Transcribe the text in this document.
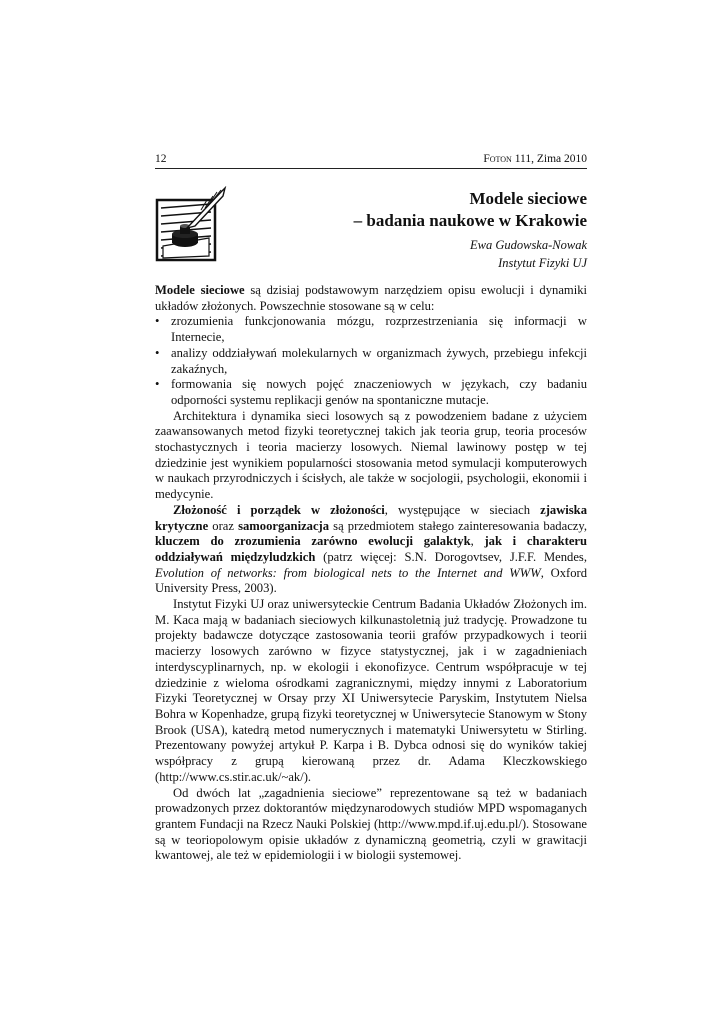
12	Foton 111, Zima 2010
Modele sieciowe
– badania naukowe w Krakowie
Ewa Gudowska-Nowak
Instytut Fizyki UJ

Modele sieciowe są dzisiaj podstawowym narzędziem opisu ewolucji i dynamiki układów złożonych. Powszechnie stosowane są w celu:

• zrozumienia funkcjonowania mózgu, rozprzestrzeniania się informacji w Internecie,
• analizy oddziaływań molekularnych w organizmach żywych, przebiegu infekcji zakaźnych,
• formowania się nowych pojęć znaczeniowych w językach, czy badaniu odporności systemu replikacji genów na spontaniczne mutacje.

Architektura i dynamika sieci losowych są z powodzeniem badane z użyciem zaawansowanych metod fizyki teoretycznej takich jak teoria grup, teoria procesów stochastycznych i teoria macierzy losowych. Niemal lawinowy postęp w tej dziedzinie jest wynikiem popularności stosowania metod symulacji komputerowych w naukach przyrodniczych i ścisłych, ale także w socjologii, psychologii, ekonomii i medycynie.

Złożoność i porządek w złożoności, występujące w sieciach zjawiska krytyczne oraz samoorganizacja są przedmiotem stałego zainteresowania badaczy, kluczem do zrozumienia zarówno ewolucji galaktyk, jak i charakteru oddziaływań międzyludzkich (patrz więcej: S.N. Dorogovtsev, J.F.F. Mendes, Evolution of networks: from biological nets to the Internet and WWW, Oxford University Press, 2003).

Instytut Fizyki UJ oraz uniwersyteckie Centrum Badania Układów Złożonych im. M. Kaca mają w badaniach sieciowych kilkunastoletnią już tradycję. Prowadzone tu projekty badawcze dotyczące zastosowania teorii grafów przypadkowych i teorii macierzy losowych zarówno w fizyce statystycznej, jak i w zagadnieniach interdyscyplinarnych, np. w ekologii i ekonofizyce. Centrum współpracuje w tej dziedzinie z wieloma ośrodkami zagranicznymi, między innymi z Laboratorium Fizyki Teoretycznej w Orsay przy XI Uniwersytecie Paryskim, Instytutem Nielsa Bohra w Kopenhadze, grupą fizyki teoretycznej w Uniwersytecie Stanowym w Stony Brook (USA), katedrą metod numerycznych i matematyki Uniwersytetu w Stirling. Prezentowany powyżej artykuł P. Karpa i B. Dybca odnosi się do wyników takiej współpracy z grupą kierowaną przez dr. Adama Kleczkowskiego (http://www.cs.stir.ac.uk/~ak/).

Od dwóch lat „zagadnienia sieciowe” reprezentowane są też w badaniach prowadzonych przez doktorantów międzynarodowych studiów MPD wspomaganych grantem Fundacji na Rzecz Nauki Polskiej (http://www.mpd.if.uj.edu.pl/). Stosowane są w teoriopolowym opisie układów z dynamiczną geometrią, czyli w grawitacji kwantowej, ale też w epidemiologii i w biologii systemowej.
